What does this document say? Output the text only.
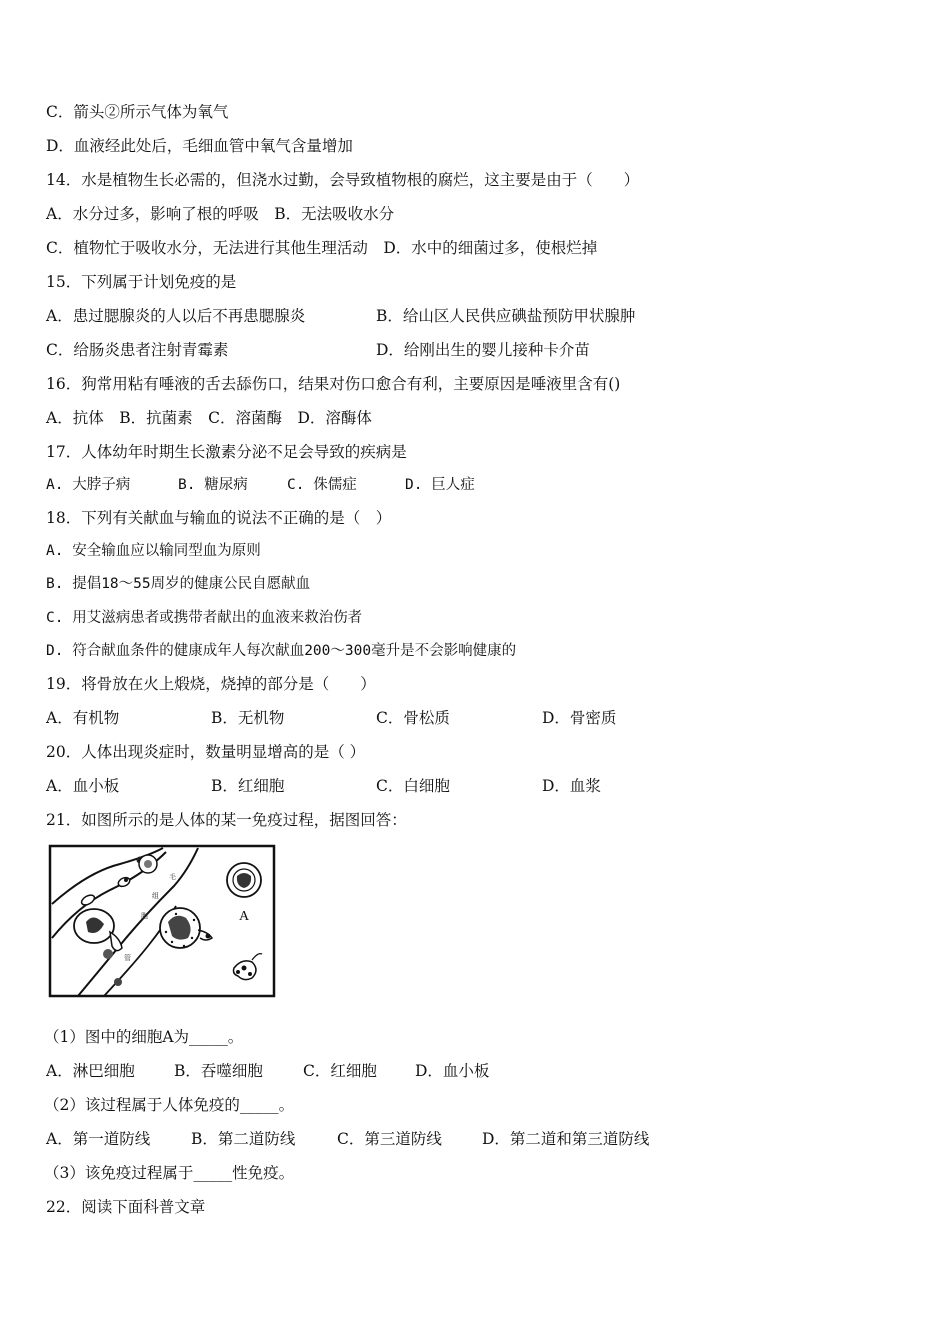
C．箭头②所示气体为氧气
D．血液经此处后，毛细血管中氧气含量增加
14．水是植物生长必需的，但浇水过勤，会导致植物根的腐烂，这主要是由于（　　）
A．水分过多，影响了根的呼吸　B．无法吸收水分
C．植物忙于吸收水分，无法进行其他生理活动　D．水中的细菌过多，使根烂掉
15．下列属于计划免疫的是
A．患过腮腺炎的人以后不再患腮腺炎	B．给山区人民供应碘盐预防甲状腺肿
C．给肠炎患者注射青霉素	D．给刚出生的婴儿接种卡介苗
16．狗常用粘有唾液的舌去舔伤口，结果对伤口愈合有利，主要原因是唾液里含有()
A．抗体　B．抗菌素　C．溶菌酶　D．溶酶体
17．人体幼年时期生长激素分泌不足会导致的疾病是
A. 大脖子病	B. 糖尿病	C. 侏儒症	D. 巨人症
18．下列有关献血与输血的说法不正确的是（　）
A. 安全输血应以输同型血为原则
B. 提倡18～55周岁的健康公民自愿献血
C. 用艾滋病患者或携带者献出的血液来救治伤者
D. 符合献血条件的健康成年人每次献血200～300毫升是不会影响健康的
19．将骨放在火上煅烧，烧掉的部分是（　　）
A．有机物	B．无机物	C．骨松质	D．骨密质
20．人体出现炎症时，数量明显增高的是（ ）
A．血小板	B．红细胞	C．白细胞	D．血浆
21．如图所示的是人体的某一免疫过程，据图回答：
A
毛
组
胞
管
（1）图中的细胞A为_____。
A．淋巴细胞	B．吞噬细胞	C．红细胞 D．血小板
（2）该过程属于人体免疫的_____。
A．第一道防线	B．第二道防线	C．第三道防线	D．第二道和第三道防线
（3）该免疫过程属于_____性免疫。
22．阅读下面科普文章
